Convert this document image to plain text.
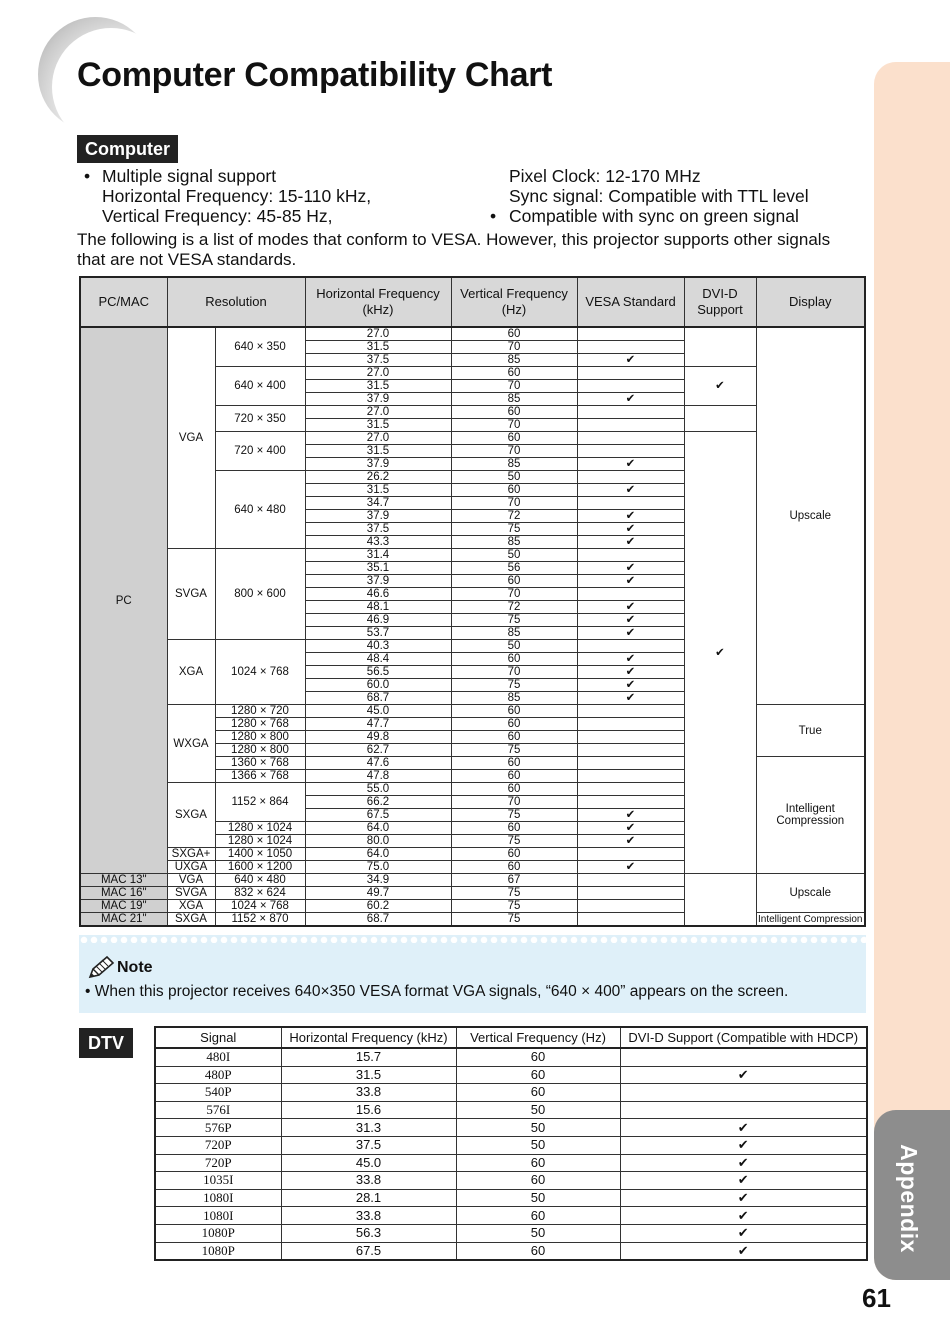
Computer Compatibility Chart
Appendix
61
Computer
• Multiple signal support
Horizontal Frequency: 15-110 kHz,
Vertical Frequency: 45-85 Hz,
Pixel Clock: 12-170 MHz
Sync signal: Compatible with TTL level
Compatible with sync on green signal
•
The following is a list of modes that conform to VESA. However, this projector supports other signals that are not VESA standards.
PC/MAC	Resolution		Horizontal Frequency (kHz)	Vertical Frequency (Hz)	VESA Standard	DVI-D Support	Display
PC	VGA	640 × 350	27.0	60			Upscale
			31.5	70			
			37.5	85	✔		
		640 × 400	27.0	60		✔	
			31.5	70			
			37.9	85	✔		
		720 × 350	27.0	60			
			31.5	70			
		720 × 400	27.0	60		✔	
			31.5	70			
			37.9	85	✔		
		640 × 480	26.2	50			
			31.5	60	✔		
			34.7	70			
			37.9	72	✔		
			37.5	75	✔		
			43.3	85	✔		
	SVGA	800 × 600	31.4	50			
			35.1	56	✔		
			37.9	60	✔		
			46.6	70			
			48.1	72	✔		
			46.9	75	✔		
			53.7	85	✔		
	XGA	1024 × 768	40.3	50			
			48.4	60	✔		
			56.5	70	✔		
			60.0	75	✔		
			68.7	85	✔		
	WXGA	1280 × 720	45.0	60			True
		1280 × 768	47.7	60			
		1280 × 800	49.8	60			
		1280 × 800	62.7	75			
		1360 × 768	47.6	60			Intelligent Compression
		1366 × 768	47.8	60			
	SXGA	1152 × 864	55.0	60			
			66.2	70			
			67.5	75	✔		
		1280 × 1024	64.0	60	✔		
		1280 × 1024	80.0	75	✔		
	SXGA+	1400 × 1050	64.0	60			
	UXGA	1600 × 1200	75.0	60	✔		
MAC 13"	VGA	640 × 480	34.9	67			Upscale
MAC 16"	SVGA	832 × 624	49.7	75			
MAC 19"	XGA	1024 × 768	60.2	75			
MAC 21"	SXGA	1152 × 870	68.7	75			Intelligent Compression
Note
• When this projector receives 640×350 VESA format VGA signals, “640 × 400” appears on the screen.
DTV	Signal	Horizontal Frequency (kHz)	Vertical Frequency (Hz)	DVI-D Support (Compatible with HDCP)
480I	15.7	60	
480P	31.5	60	✔
540P	33.8	60	
576I	15.6	50	
576P	31.3	50	✔
720P	37.5	50	✔
720P	45.0	60	✔
1035I	33.8	60	✔
1080I	28.1	50	✔
1080I	33.8	60	✔
1080P	56.3	50	✔
1080P	67.5	60	✔
